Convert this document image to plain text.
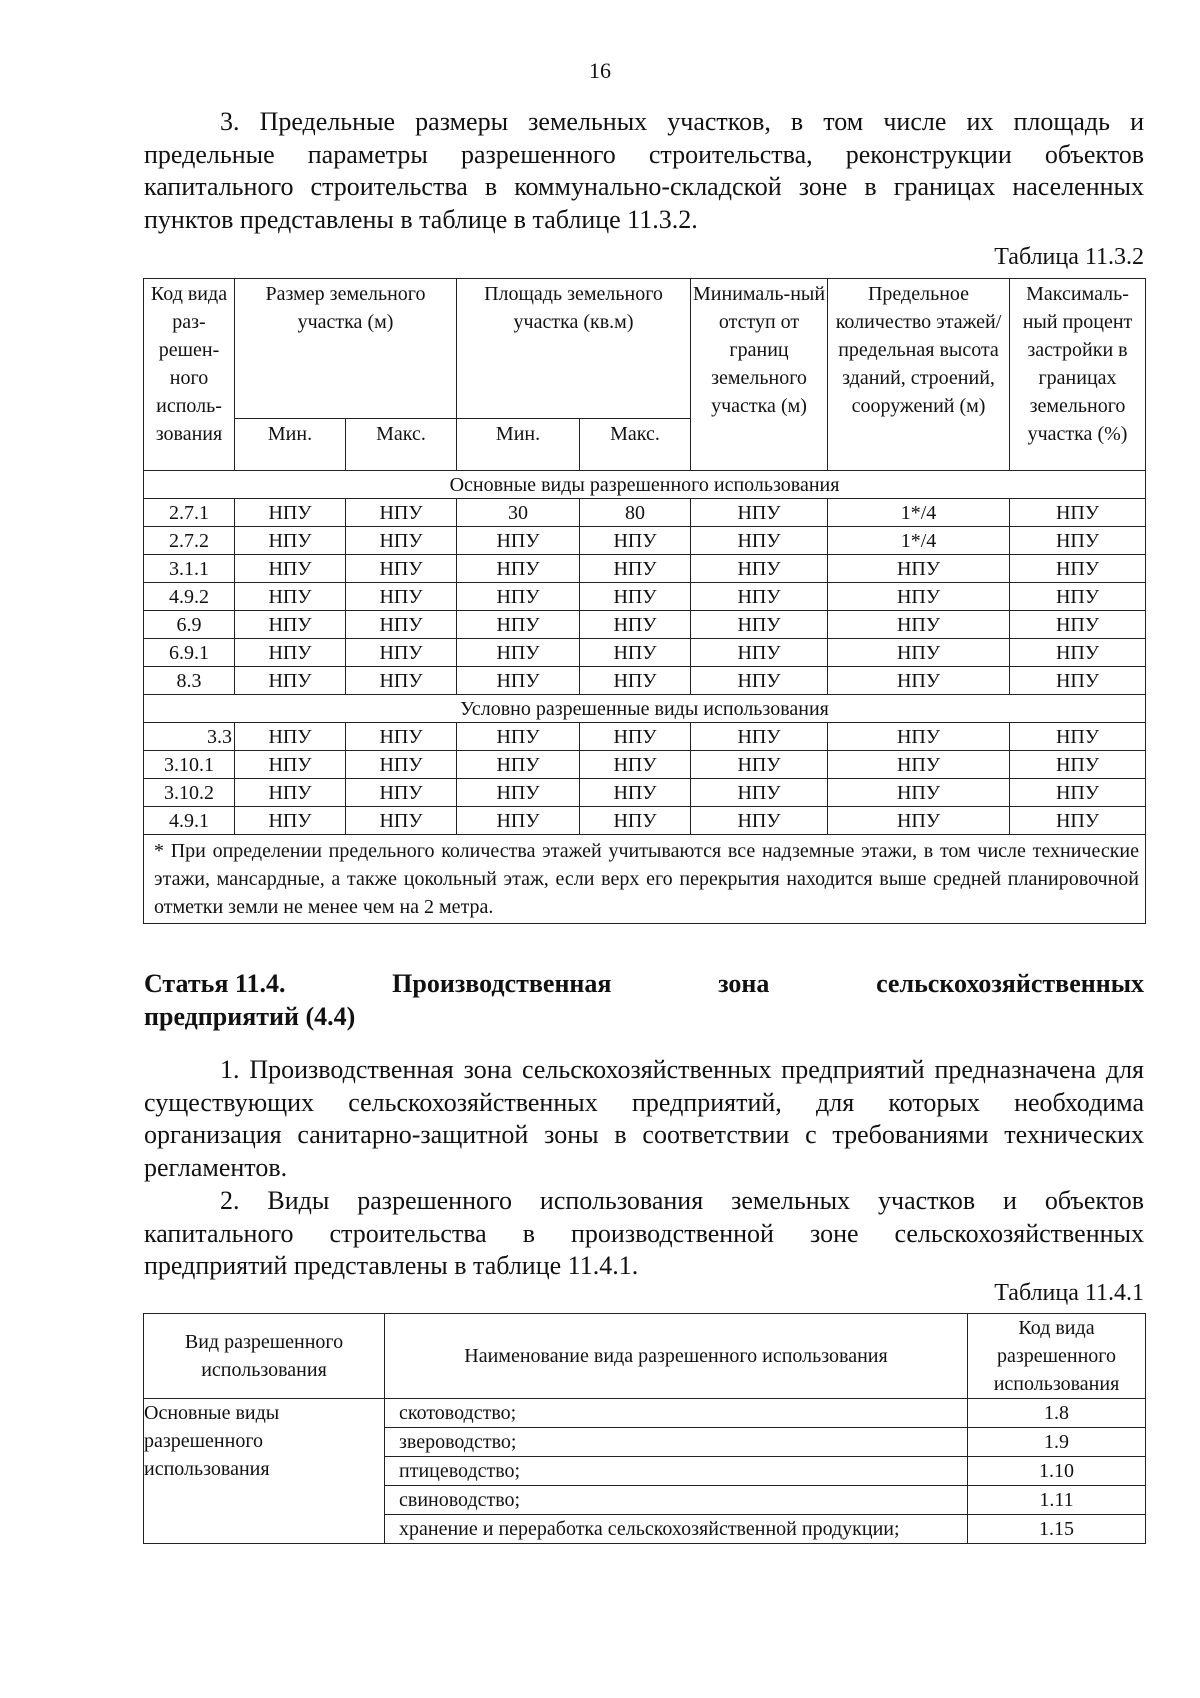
16

3. Предельные размеры земельных участков, в том числе их площадь и предельные параметры разрешенного строительства, реконструкции объектов капитального строительства в коммунально-складской зоне в границах населенных пунктов представлены в таблице в таблице 11.3.2.

Таблица 11.3.2
Код вида раз-решен-ного исполь-зования	Размер земельного участка (м)		Площадь земельного участка (кв.м)		Минималь-ный отступ от границ земельного участка (м)	Предельное количество этажей/ предельная высота зданий, строений, сооружений (м)	Максималь-ный процент застройки в границах земельного участка (%)
	Мин.	Макс.	Мин.	Макс.			
Основные виды разрешенного использования							
2.7.1	НПУ	НПУ	30	80	НПУ	1*/4	НПУ
2.7.2	НПУ	НПУ	НПУ	НПУ	НПУ	1*/4	НПУ
3.1.1	НПУ	НПУ	НПУ	НПУ	НПУ	НПУ	НПУ
4.9.2	НПУ	НПУ	НПУ	НПУ	НПУ	НПУ	НПУ
6.9	НПУ	НПУ	НПУ	НПУ	НПУ	НПУ	НПУ
6.9.1	НПУ	НПУ	НПУ	НПУ	НПУ	НПУ	НПУ
8.3	НПУ	НПУ	НПУ	НПУ	НПУ	НПУ	НПУ
Условно разрешенные виды использования							
3.3	НПУ	НПУ	НПУ	НПУ	НПУ	НПУ	НПУ
3.10.1	НПУ	НПУ	НПУ	НПУ	НПУ	НПУ	НПУ
3.10.2	НПУ	НПУ	НПУ	НПУ	НПУ	НПУ	НПУ
4.9.1	НПУ	НПУ	НПУ	НПУ	НПУ	НПУ	НПУ
* При определении предельного количества этажей учитываются все надземные этажи, в том числе технические этажи, мансардные, а также цокольный этаж, если верх его перекрытия находится выше средней планировочной отметки земли не менее чем на 2 метра.							
Статья 11.4.	Производственная	зона	сельскохозяйственных
предприятий (4.4)

1. Производственная зона сельскохозяйственных предприятий предназначена для существующих сельскохозяйственных предприятий, для которых необходима организация санитарно-защитной зоны в соответствии с требованиями технических регламентов.

2. Виды разрешенного использования земельных участков и объектов капитального строительства в производственной зоне сельскохозяйственных предприятий представлены в таблице 11.4.1.

Таблица 11.4.1
Вид разрешенного использования	Наименование вида разрешенного использования	Код вида разрешенного использования
Основные виды разрешенного использования	скотоводство;	1.8
	звероводство;	1.9
	птицеводство;	1.10
	свиноводство;	1.11
	хранение и переработка сельскохозяйственной продукции;	1.15
